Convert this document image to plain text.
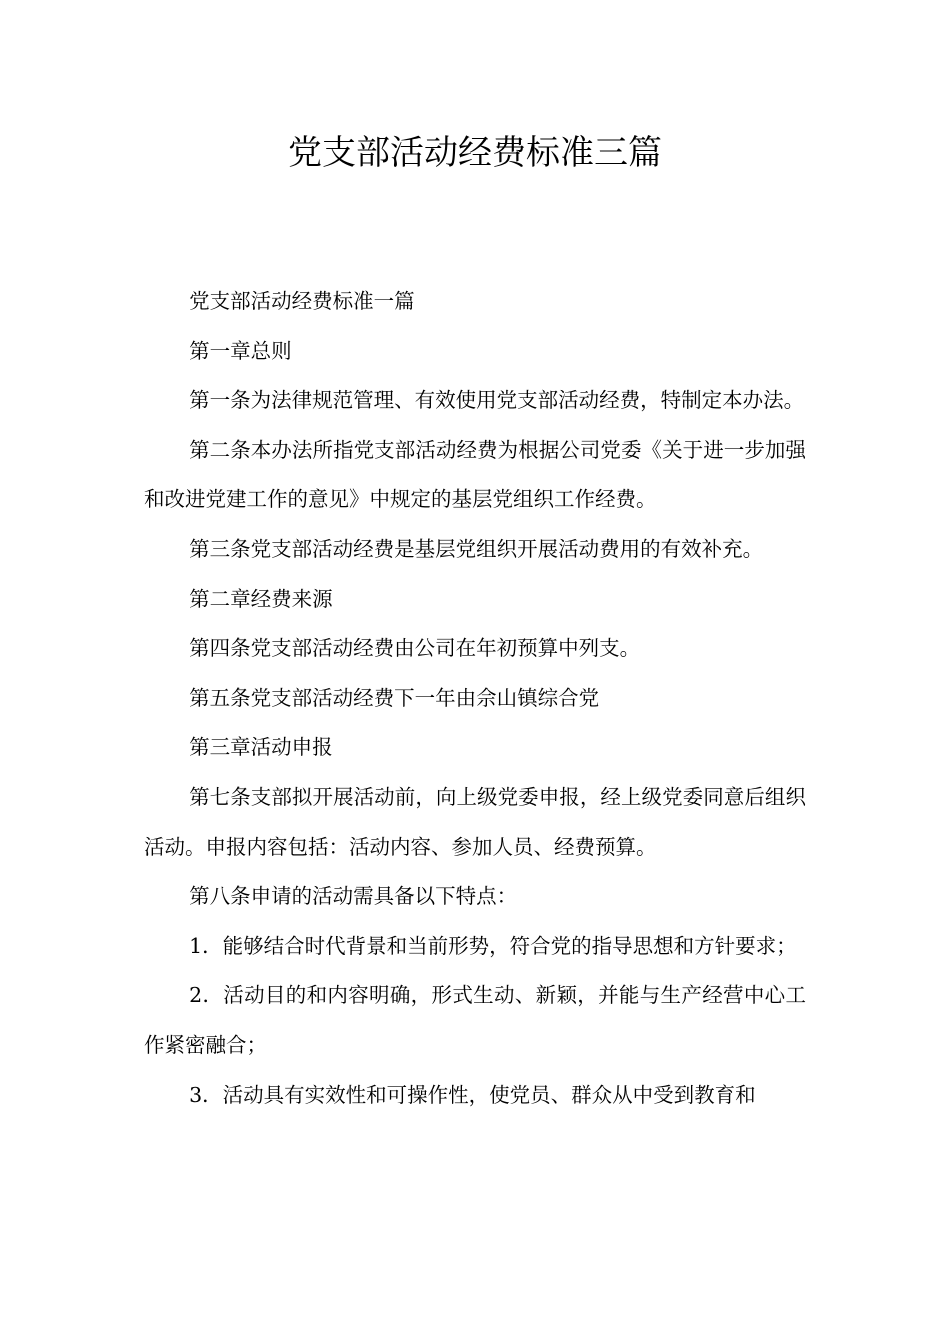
党支部活动经费标准三篇

党支部活动经费标准一篇

第一章总则

第一条为法律规范管理、有效使用党支部活动经费，特制定本办法。

第二条本办法所指党支部活动经费为根据公司党委《关于进一步加强和改进党建工作的意见》中规定的基层党组织工作经费。

第三条党支部活动经费是基层党组织开展活动费用的有效补充。

第二章经费来源

第四条党支部活动经费由公司在年初预算中列支。

第五条党支部活动经费下一年由佘山镇综合党

第三章活动申报

第七条支部拟开展活动前，向上级党委申报，经上级党委同意后组织活动。申报内容包括：活动内容、参加人员、经费预算。

第八条申请的活动需具备以下特点：

1．能够结合时代背景和当前形势，符合党的指导思想和方针要求；

2．活动目的和内容明确，形式生动、新颖，并能与生产经营中心工作紧密融合；

3．活动具有实效性和可操作性，使党员、群众从中受到教育和
